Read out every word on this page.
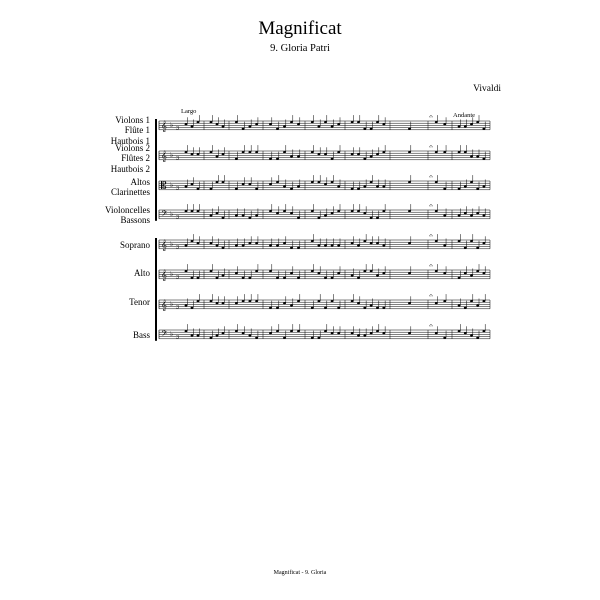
Magnificat
9. Gloria Patri
Vivaldi
Largo
Andante
Violons 1
Flûte 1
Hautbois 1
Violons 2
Flûtes 2
Hautbois 2
Altos
Clarinettes
Violoncelles
Bassons
Soprano
Alto
Tenor
Bass
𝄞 ♭ 3
𝄐
𝄞 ♭ 3
𝄐
𝄡 ♭ 3
𝄐
𝄢 ♭ 3
𝄐
𝄞 ♭ 3
𝄐
𝄞 ♭ 3
𝄐
𝄞 ♭ 3
𝄐
𝄢 ♭ 3
𝄐
Magnificat - 9. Gloria
